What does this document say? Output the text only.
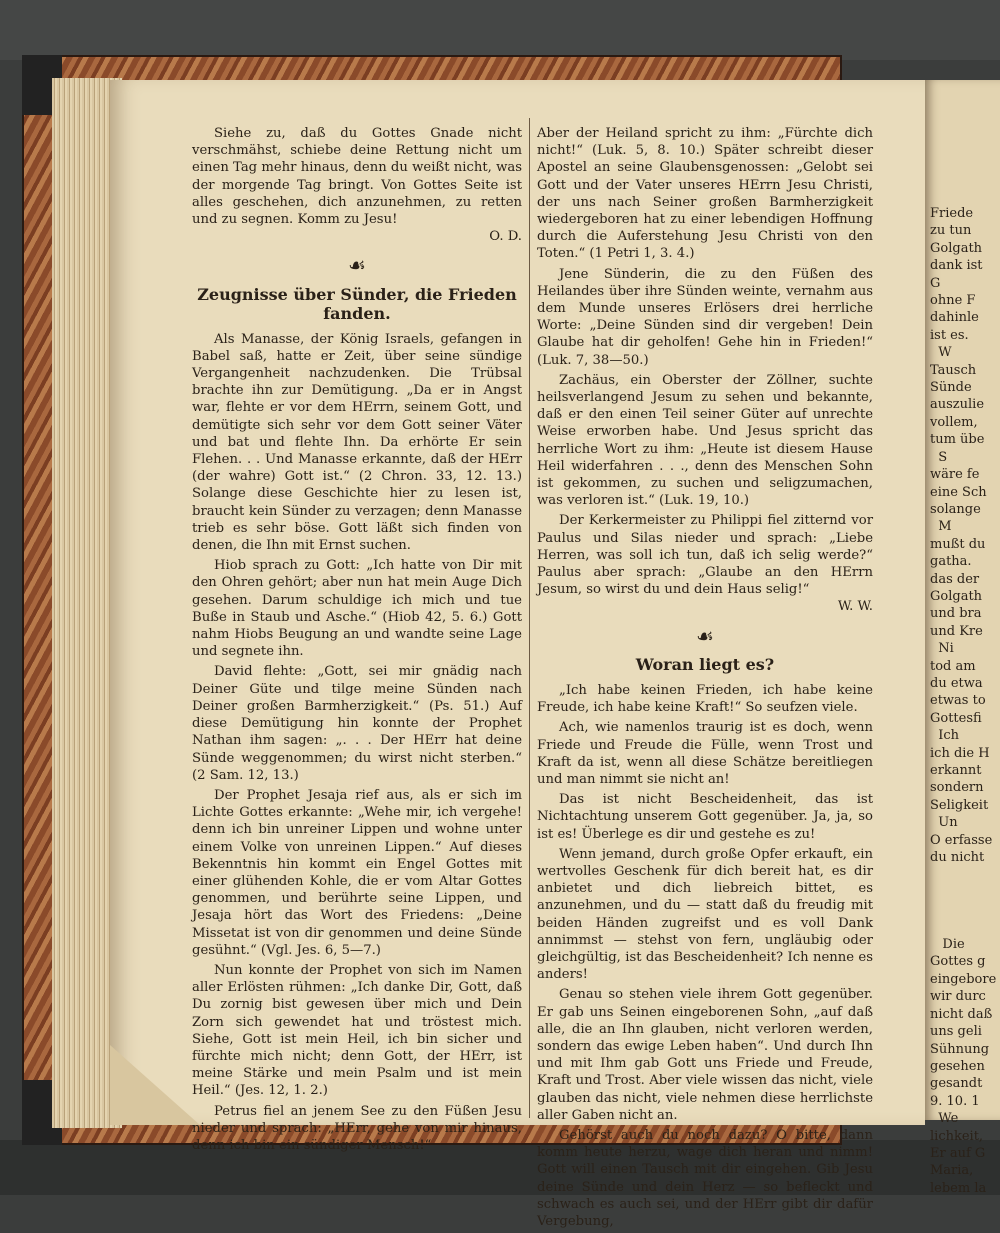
Friede
zu tun
Golgath
dank ist
G
ohne F
dahinle
ist es.
W
Tausch
Sünde
auszulie
vollem,
tum übe
S
wäre fe
eine Sch
solange
M
mußt du
gatha.
das der
Golgath
und bra
und Kre
Ni
tod am
du etwa
etwas to
Gottesfi
Ich
ich die H
erkannt
sondern
Seligkeit
Un
O erfasse
du nicht

Die
Gottes g
eingebore
wir durc
nicht daß
uns geli
Sühnung
gesehen
gesandt
9. 10. 1
We
lichkeit,
Er auf G
Maria,
lebem la

Siehe zu, daß du Gottes Gnade nicht verschmähst, schiebe deine Rettung nicht um einen Tag mehr hinaus, denn du weißt nicht, was der morgende Tag bringt. Von Gottes Seite ist alles geschehen, dich anzunehmen, zu retten und zu segnen. Komm zu Jesu!
O. D.

☙
Zeugnisse über Sünder, die Frieden fanden.

Als Manasse, der König Israels, gefangen in Babel saß, hatte er Zeit, über seine sündige Vergangenheit nachzudenken. Die Trübsal brachte ihn zur Demütigung. „Da er in Angst war, flehte er vor dem HErrn, seinem Gott, und demütigte sich sehr vor dem Gott seiner Väter und bat und flehte Ihn. Da erhörte Er sein Flehen. . . Und Manasse erkannte, daß der HErr (der wahre) Gott ist.“ (2 Chron. 33, 12. 13.) Solange diese Geschichte hier zu lesen ist, braucht kein Sünder zu verzagen; denn Manasse trieb es sehr böse. Gott läßt sich finden von denen, die Ihn mit Ernst suchen.

Hiob sprach zu Gott: „Ich hatte von Dir mit den Ohren gehört; aber nun hat mein Auge Dich gesehen. Darum schuldige ich mich und tue Buße in Staub und Asche.“ (Hiob 42, 5. 6.) Gott nahm Hiobs Beugung an und wandte seine Lage und segnete ihn.

David flehte: „Gott, sei mir gnädig nach Deiner Güte und tilge meine Sünden nach Deiner großen Barmherzigkeit.“ (Ps. 51.) Auf diese Demütigung hin konnte der Prophet Nathan ihm sagen: „. . . Der HErr hat deine Sünde weggenommen; du wirst nicht sterben.“ (2 Sam. 12, 13.)

Der Prophet Jesaja rief aus, als er sich im Lichte Gottes erkannte: „Wehe mir, ich vergehe! denn ich bin unreiner Lippen und wohne unter einem Volke von unreinen Lippen.“ Auf dieses Bekenntnis hin kommt ein Engel Gottes mit einer glühenden Kohle, die er vom Altar Gottes genommen, und berührte seine Lippen, und Jesaja hört das Wort des Friedens: „Deine Missetat ist von dir genommen und deine Sünde gesühnt.“ (Vgl. Jes. 6, 5—7.)

Nun konnte der Prophet von sich im Namen aller Erlösten rühmen: „Ich danke Dir, Gott, daß Du zornig bist gewesen über mich und Dein Zorn sich gewendet hat und tröstest mich. Siehe, Gott ist mein Heil, ich bin sicher und fürchte mich nicht; denn Gott, der HErr, ist meine Stärke und mein Psalm und ist mein Heil.“ (Jes. 12, 1. 2.)

Petrus fiel an jenem See zu den Füßen Jesu nieder und sprach: „HErr, gehe von mir hinaus, denn ich bin ein sündiger Mensch!“

Aber der Heiland spricht zu ihm: „Fürchte dich nicht!“ (Luk. 5, 8. 10.) Später schreibt dieser Apostel an seine Glaubensgenossen: „Gelobt sei Gott und der Vater unseres HErrn Jesu Christi, der uns nach Seiner großen Barmherzigkeit wiedergeboren hat zu einer lebendigen Hoffnung durch die Auferstehung Jesu Christi von den Toten.“ (1 Petri 1, 3. 4.)

Jene Sünderin, die zu den Füßen des Heilandes über ihre Sünden weinte, vernahm aus dem Munde unseres Erlösers drei herrliche Worte: „Deine Sünden sind dir vergeben! Dein Glaube hat dir geholfen! Gehe hin in Frieden!“ (Luk. 7, 38—50.)

Zachäus, ein Oberster der Zöllner, suchte heilsverlangend Jesum zu sehen und bekannte, daß er den einen Teil seiner Güter auf unrechte Weise erworben habe. Und Jesus spricht das herrliche Wort zu ihm: „Heute ist diesem Hause Heil widerfahren . . ., denn des Menschen Sohn ist gekommen, zu suchen und seligzumachen, was verloren ist.“ (Luk. 19, 10.)

Der Kerkermeister zu Philippi fiel zitternd vor Paulus und Silas nieder und sprach: „Liebe Herren, was soll ich tun, daß ich selig werde?“ Paulus aber sprach: „Glaube an den HErrn Jesum, so wirst du und dein Haus selig!“
W. W.

☙
Woran liegt es?

„Ich habe keinen Frieden, ich habe keine Freude, ich habe keine Kraft!“ So seufzen viele.

Ach, wie namenlos traurig ist es doch, wenn Friede und Freude die Fülle, wenn Trost und Kraft da ist, wenn all diese Schätze bereitliegen und man nimmt sie nicht an!

Das ist nicht Bescheidenheit, das ist Nichtachtung unserem Gott gegenüber. Ja, ja, so ist es! Überlege es dir und gestehe es zu!

Wenn jemand, durch große Opfer erkauft, ein wertvolles Geschenk für dich bereit hat, es dir anbietet und dich liebreich bittet, es anzunehmen, und du — statt daß du freudig mit beiden Händen zugreifst und es voll Dank annimmst — stehst von fern, ungläubig oder gleichgültig, ist das Bescheidenheit? Ich nenne es anders!

Genau so stehen viele ihrem Gott gegenüber. Er gab uns Seinen eingeborenen Sohn, „auf daß alle, die an Ihn glauben, nicht verloren werden, sondern das ewige Leben haben“. Und durch Ihn und mit Ihm gab Gott uns Friede und Freude, Kraft und Trost. Aber viele wissen das nicht, viele glauben das nicht, viele nehmen diese herrlichste aller Gaben nicht an.

Gehörst auch du noch dazu? O bitte, dann komm heute herzu, wage dich heran und nimm! Gott will einen Tausch mit dir eingehen. Gib Jesu deine Sünde und dein Herz — so befleckt und schwach es auch sei, und der HErr gibt dir dafür Vergebung,
